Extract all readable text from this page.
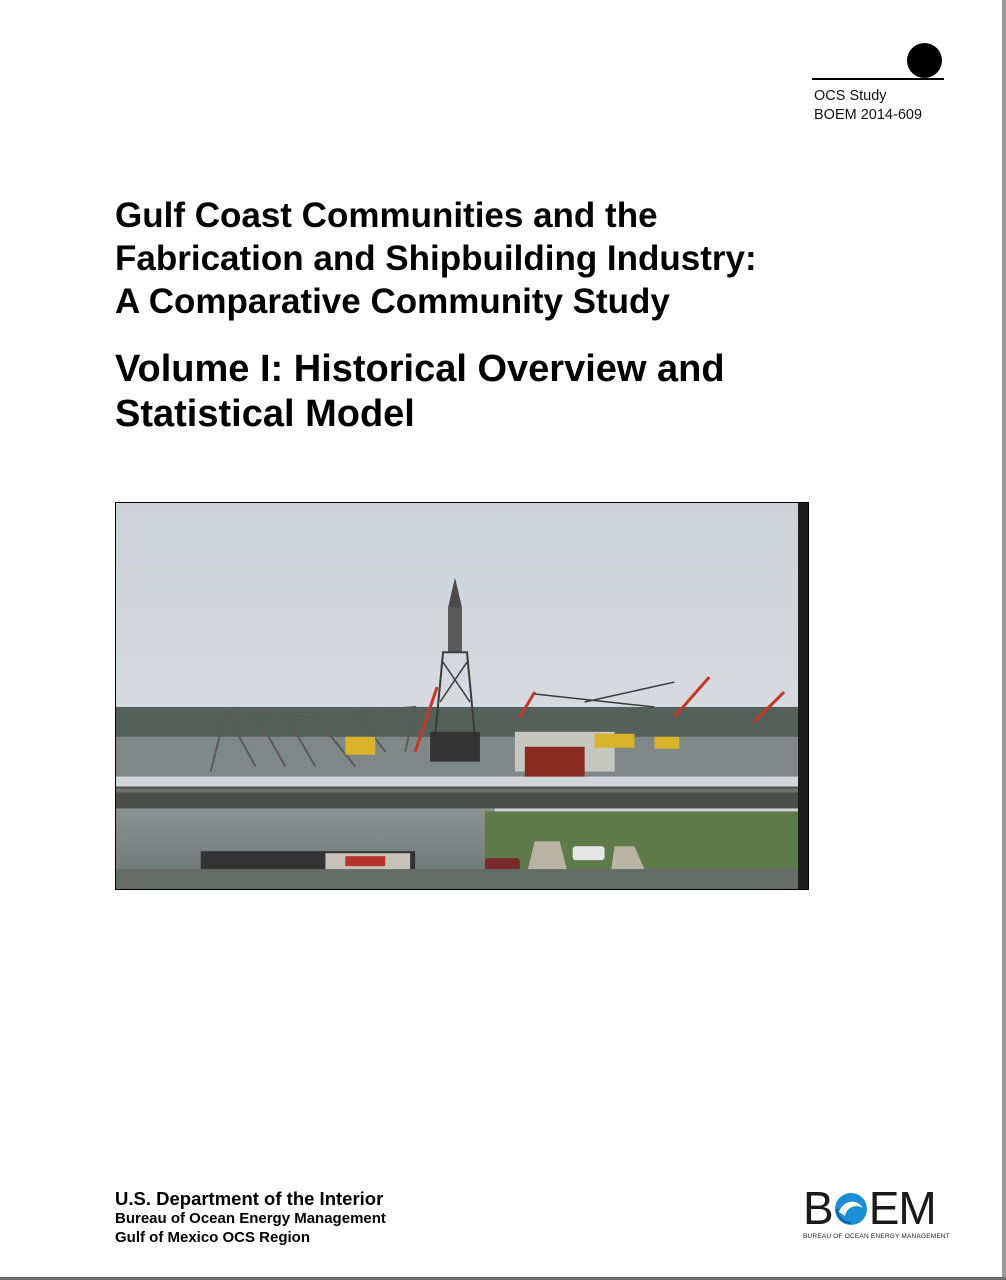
OCS Study
BOEM 2014-609
Gulf Coast Communities and the
Fabrication and Shipbuilding Industry:
A Comparative Community Study
Volume I: Historical Overview and
Statistical Model
U.S. Department of the Interior
Bureau of Ocean Energy Management
Gulf of Mexico OCS Region
B EM
BUREAU OF OCEAN ENERGY MANAGEMENT
